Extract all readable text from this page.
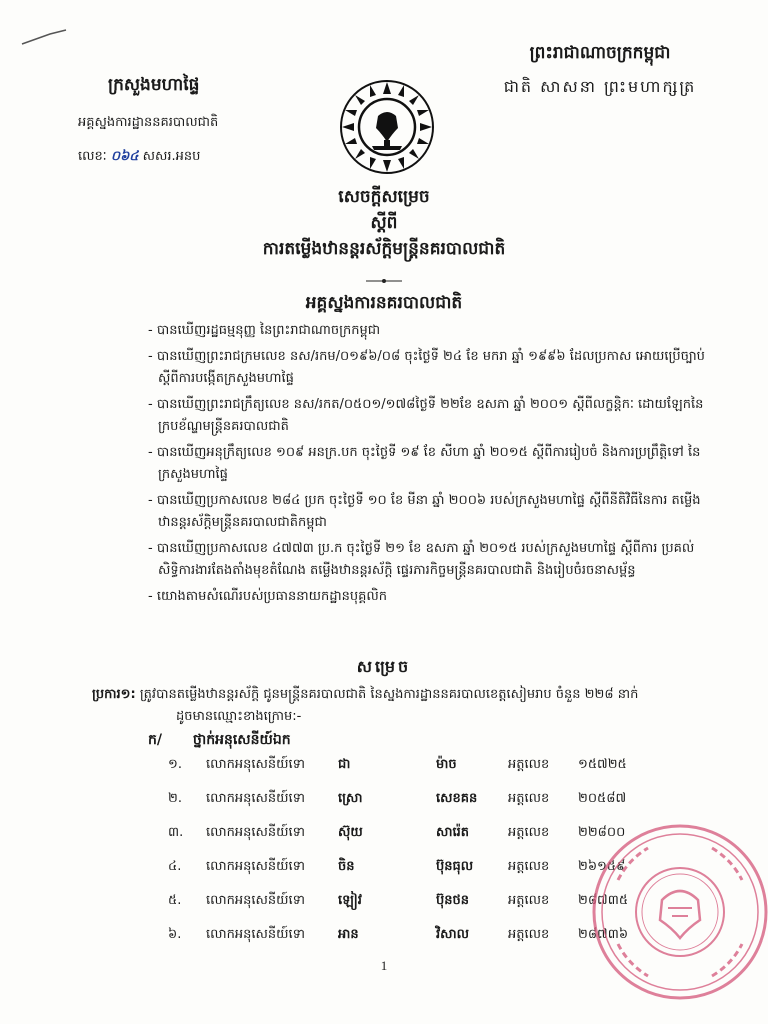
ព្រះរាជាណាចក្រកម្ពុជា
ជាតិ សាសនា ព្រះមហាក្សត្រ
ក្រសួងមហាផ្ទៃ
អគ្គស្នងការដ្ឋាននគរបាលជាតិ
លេខៈ ០៦៤ សសរ.អនប
សេចក្តីសម្រេច
ស្តីពី
ការតម្លើងឋានន្តរស័ក្តិមន្ត្រីនគរបាលជាតិ
អគ្គស្នងការនគរបាលជាតិ
- បានឃើញរដ្ឋធម្មនុញ្ញ នៃព្រះរាជាណាចក្រកម្ពុជា
- បានឃើញព្រះរាជក្រមលេខ នស/រកម/០១៩៦/០៨ ចុះថ្ងៃទី ២៤ ខែ មករា ឆ្នាំ ១៩៩៦ ដែលប្រកាស អោយប្រើច្បាប់ស្តីពីការបង្កើតក្រសួងមហាផ្ទៃ
- បានឃើញព្រះរាជក្រឹត្យលេខ នស/រកត/០៥០១/១៧៨ថ្ងៃទី ២២ខែ ឧសភា ឆ្នាំ ២០០១ ស្តីពីលក្ខន្តិកៈ ដោយឡែកនៃក្របខ័ណ្ឌមន្ត្រីនគរបាលជាតិ
- បានឃើញអនុក្រឹត្យលេខ ១០៩ អនក្រ.បក ចុះថ្ងៃទី ១៩ ខែ សីហា ឆ្នាំ ២០១៥ ស្តីពីការរៀបចំ និងការប្រព្រឹត្តិទៅ នៃក្រសួងមហាផ្ទៃ
- បានឃើញប្រកាសលេខ ២៨៤ ប្រក ចុះថ្ងៃទី ១០ ខែ មីនា ឆ្នាំ ២០០៦ របស់ក្រសួងមហាផ្ទៃ ស្តីពីនីតិវិធីនៃការ តម្លើងឋានន្តរស័ក្តិមន្ត្រីនគរបាលជាតិកម្ពុជា
- បានឃើញប្រកាសលេខ ៤៧៧៣ ប្រ.ក ចុះថ្ងៃទី ២១ ខែ ឧសភា ឆ្នាំ ២០១៥ របស់ក្រសួងមហាផ្ទៃ ស្តីពីការ ប្រគល់សិទ្ធិការងារតែងតាំងមុខតំណែង តម្លើងឋានន្តរស័ក្តិ ផ្ទេរភារកិច្ចមន្ត្រីនគរបាលជាតិ និងរៀបចំរចនាសម្ព័ន្ធ
- យោងតាមសំណើរបស់ប្រធាននាយកដ្ឋានបុគ្គលិក
សម្រេច
ប្រការ១: ត្រូវបានតម្លើងឋានន្តរស័ក្តិ ជូនមន្ត្រីនគរបាលជាតិ នៃស្នងការដ្ឋាននគរបាលខេត្តសៀមរាប ចំនួន ២២៨ នាក់
ដូចមានឈ្មោះខាងក្រោម:-
ក/ ថ្នាក់អនុសេនីយ៍ឯក
១. លោកអនុសេនីយ៍ទោ	ជា	ម៉ាច	អត្តលេខ ១៥៧២៥
២. លោកអនុសេនីយ៍ទោ	ស្រោ	សេខគន អត្តលេខ ២០៥៨៧
៣. លោកអនុសេនីយ៍ទោ	ស៊ុយ	សារ៉េត	អត្តលេខ ២២៨០០
៤. លោកអនុសេនីយ៍ទោ	ចិន	ប៊ុនធុល	អត្តលេខ ២៦១៥៩
៥. លោកអនុសេនីយ៍ទោ	ឡៀវ	ប៊ុនថន	អត្តលេខ ២៨៧៣៥
៦. លោកអនុសេនីយ៍ទោ	អាន	វិសាល	អត្តលេខ ២៨៧៣៦
1
